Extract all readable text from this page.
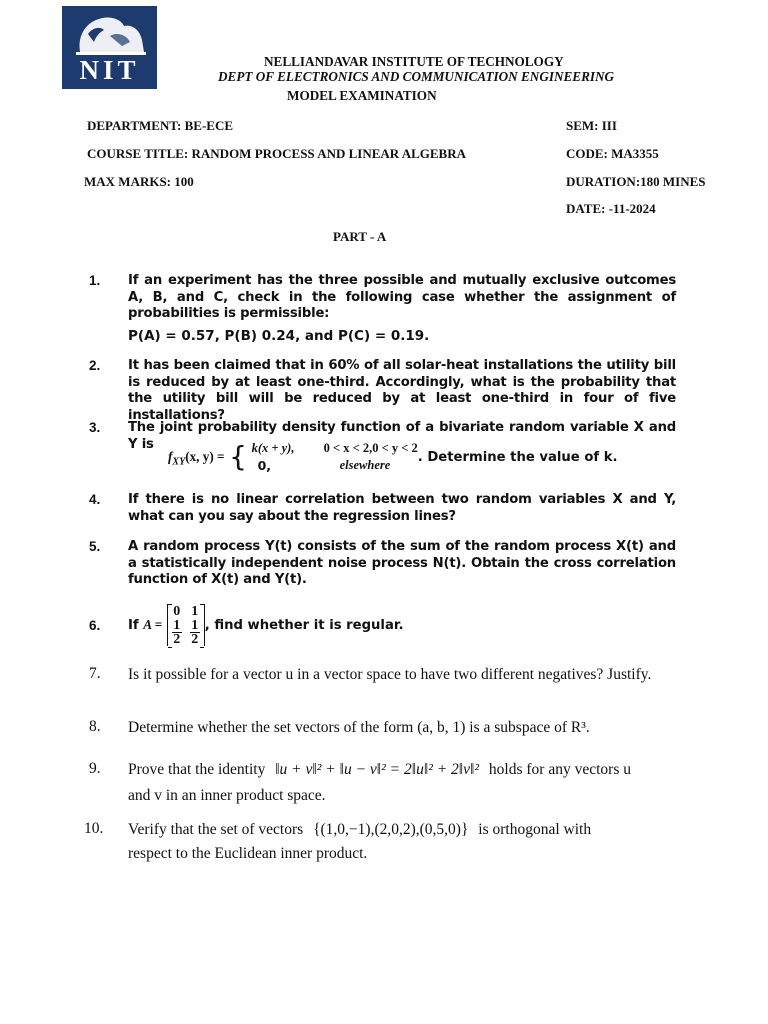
NIT	NELLIANDAVAR INSTITUTE OF TECHNOLOGY
DEPT OF ELECTRONICS AND COMMUNICATION ENGINEERING
MODEL EXAMINATION
DEPARTMENT: BE-ECE	SEM: III
COURSE TITLE: RANDOM PROCESS AND LINEAR ALGEBRA	CODE: MA3355
MAX MARKS: 100	DURATION:180 MINES
DATE: -11-2024
PART - A
1. If an experiment has the three possible and mutually exclusive outcomes A, B, and C, check in the following case whether the assignment of probabilities is permissible:
P(A) = 0.57, P(B) 0.24, and P(C) = 0.19.
2. It has been claimed that in 60% of all solar-heat installations the utility bill is reduced by at least one-third. Accordingly, what is the probability that the utility bill will be reduced by at least one-third in four of five installations?
3. The joint probability density function of a bivariate random variable X and Y is
$f_{XY}(x$, y) = { k(x + y),	0 < x < 2,0 < y < 2
0,	elsewhere . Determine the value of k.
4. If there is no linear correlation between two random variables X and Y, what can you say about the regression lines?
5. A random process Y(t) consists of the sum of the random process X(t) and a statistically independent noise process N(t). Obtain the cross correlation function of X(t) and Y(t).
6. If A =
0 1
$\frac{1}{2} \frac{1}{2}$ , find whether it is regular.
7. Is it possible for a vector u in a vector space to have two different negatives? Justify.
8. Determine whether the set vectors of the form (a, b, 1) is a subspace of R³.
9. Prove that the identity ‖u + v‖² + ‖u − v‖² = 2‖u‖² + 2‖v‖² holds for any vectors u
and v in an inner product space.
10. Verify that the set of vectors {(1,0,−1),(2,0,2),(0,5,0)} is orthogonal with
respect to the Euclidean inner product.
